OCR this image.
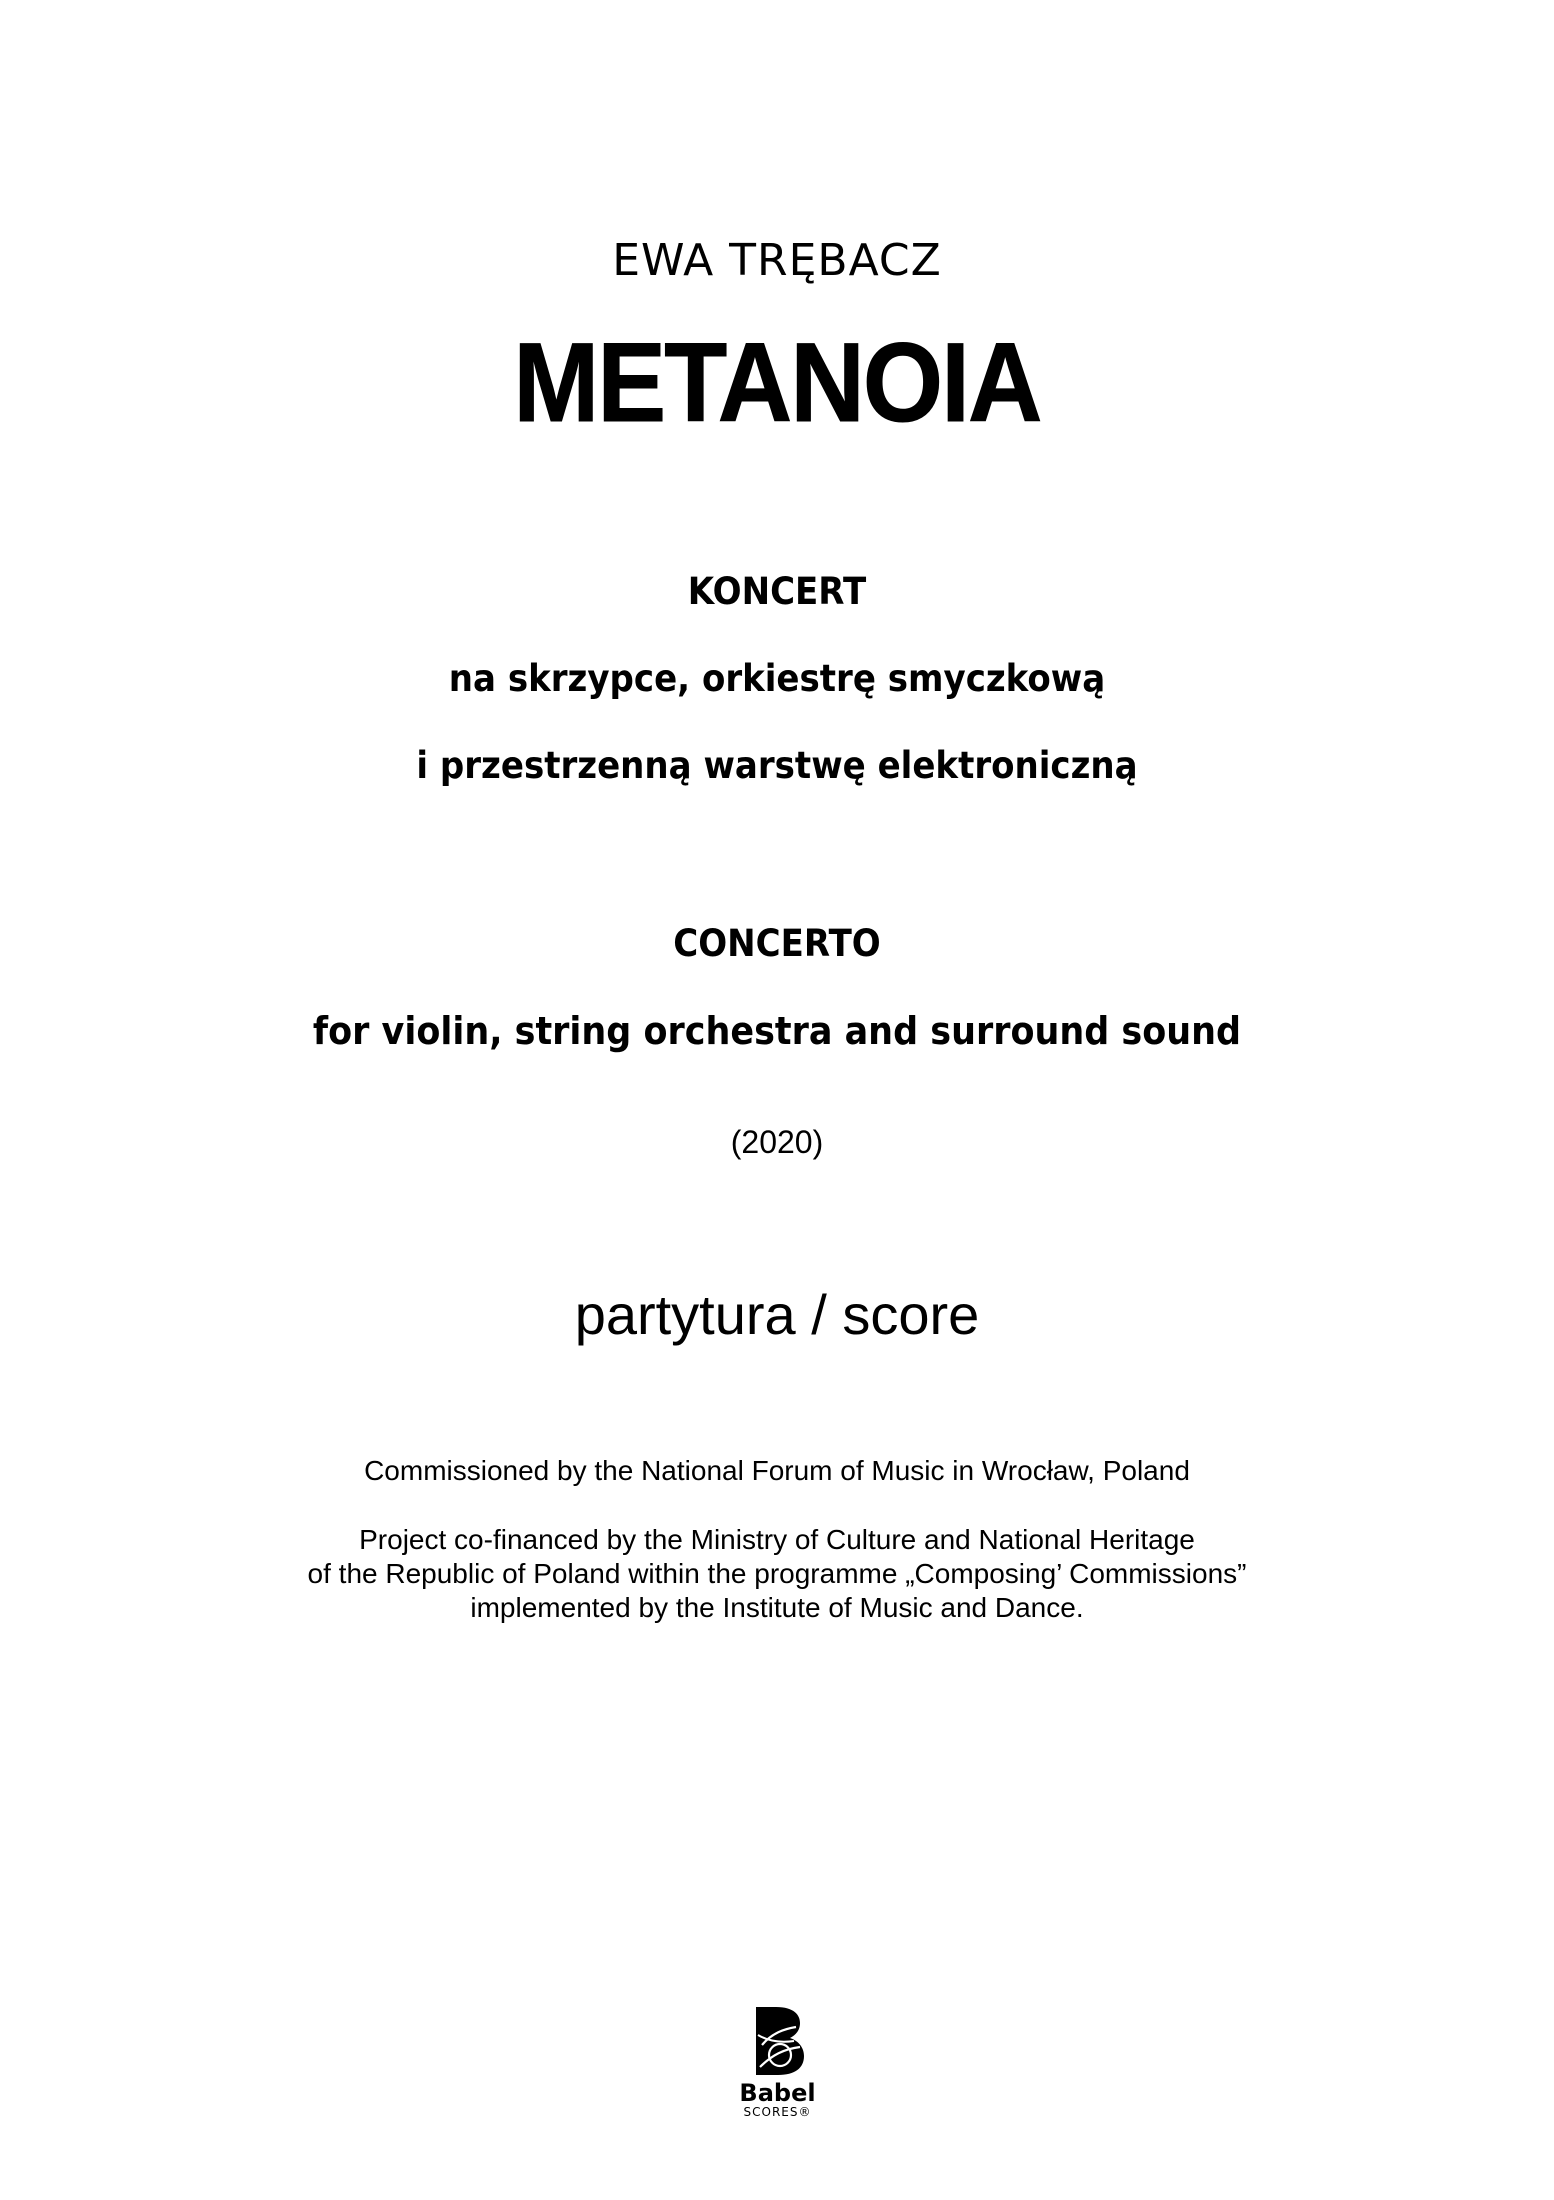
EWA TRĘBACZ
METANOIA
KONCERT
na skrzypce, orkiestrę smyczkową
i przestrzenną warstwę elektroniczną
CONCERTO
for violin, string orchestra and surround sound
(2020)
partytura / score
Commissioned by the National Forum of Music in Wrocław, Poland
Project co-financed by the Ministry of Culture and National Heritage
of the Republic of Poland within the programme „Composing’ Commissions”
implemented by the Institute of Music and Dance.
Babel
SCORES®
